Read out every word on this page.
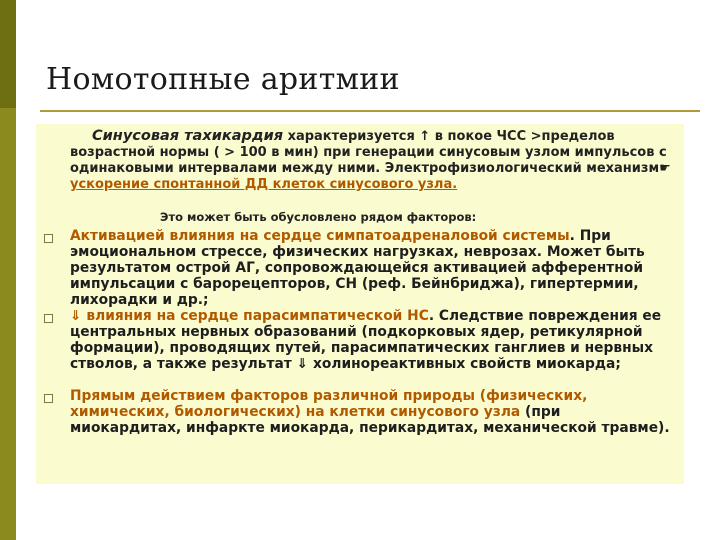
Номотопные аритмии

Синусовая тахикардия характеризуется ↑ в покое ЧСС >пределов возрастной нормы ( > 100 в мин) при генерации синусовым узлом импульсов с одинаковыми интервалами между ними. Электрофизиологический механизм☛ ускорение спонтанной ДД клеток синусового узла.

Это может быть обусловлено рядом факторов:

Активацией влияния на сердце симпатоадреналовой системы. При эмоциональном стрессе, физических нагрузках, неврозах. Может быть результатом острой АГ, сопровождающейся активацией афферентной импульсации с барорецепторов, СН (реф. Бейнбриджа), гипертермии, лихорадки и др.;

⇓ влияния на сердце парасимпатической НС. Следствие повреждения ее центральных нервных образований (подкорковых ядер, ретикулярной формации), проводящих путей, парасимпатических ганглиев и нервных стволов, а также результат ⇓ холинореактивных свойств миокарда;

Прямым действием факторов различной природы (физических, химических, биологических) на клетки синусового узла (при миокардитах, инфаркте миокарда, перикардитах, механической травме).
